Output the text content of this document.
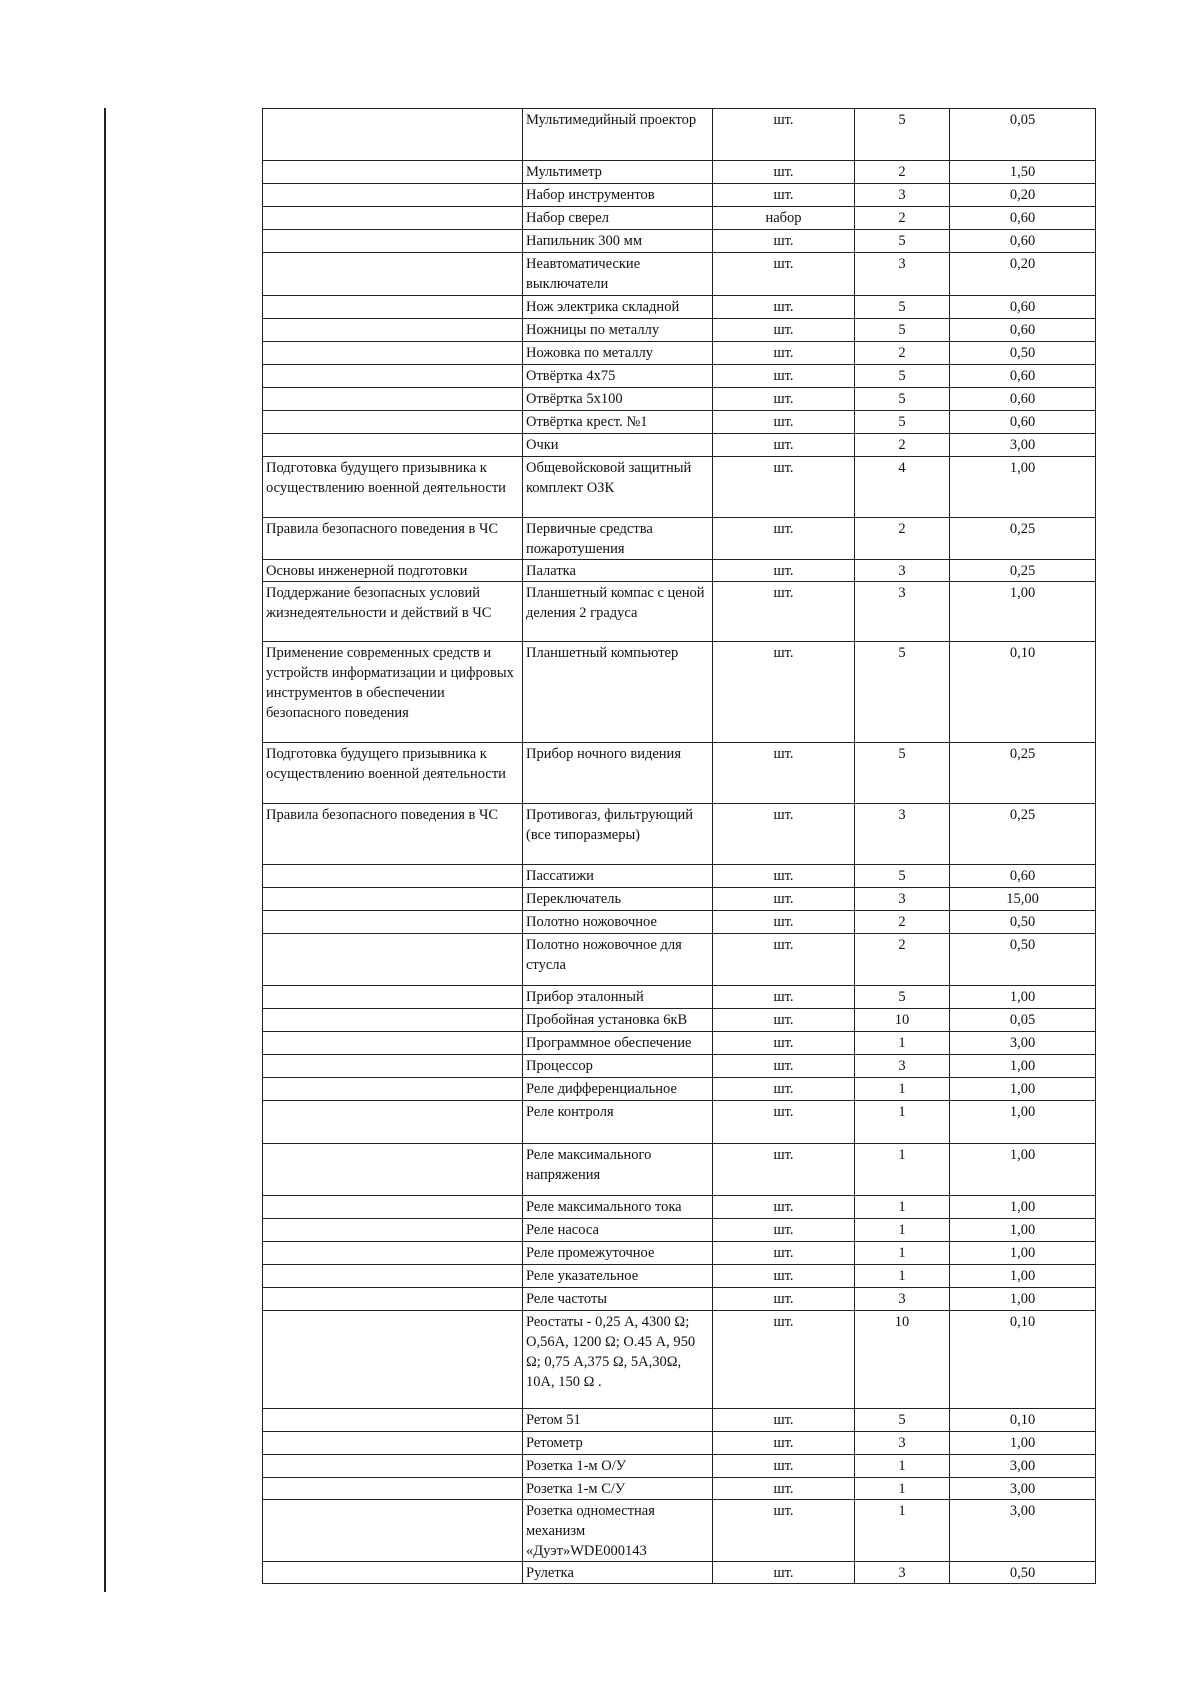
	Мультимедийный проектор	шт.	5	0,05
	Мультиметр	шт.	2	1,50
	Набор инструментов	шт.	3	0,20
	Набор сверел	набор	2	0,60
	Напильник 300 мм	шт.	5	0,60
	Неавтоматические выключатели	шт.	3	0,20
	Нож электрика складной	шт.	5	0,60
	Ножницы по металлу	шт.	5	0,60
	Ножовка по металлу	шт.	2	0,50
	Отвёртка 4х75	шт.	5	0,60
	Отвёртка 5х100	шт.	5	0,60
	Отвёртка крест. №1	шт.	5	0,60
	Очки	шт.	2	3,00
Подготовка будущего призывника к осуществлению военной деятельности	Общевойсковой защитный комплект ОЗК	шт.	4	1,00
Правила безопасного поведения в ЧС	Первичные средства пожаротушения	шт.	2	0,25
Основы инженерной подготовки	Палатка	шт.	3	0,25
Поддержание безопасных условий жизнедеятельности и действий в ЧС	Планшетный компас с ценой деления 2 градуса	шт.	3	1,00
Применение современных средств и устройств информатизации и цифровых инструментов в обеспечении безопасного поведения	Планшетный компьютер	шт.	5	0,10
Подготовка будущего призывника к осуществлению военной деятельности	Прибор ночного видения	шт.	5	0,25
Правила безопасного поведения в ЧС	Противогаз, фильтрующий (все типоразмеры)	шт.	3	0,25
	Пассатижи	шт.	5	0,60
	Переключатель	шт.	3	15,00
	Полотно ножовочное	шт.	2	0,50
	Полотно ножовочное для стусла	шт.	2	0,50
	Прибор эталонный	шт.	5	1,00
	Пробойная установка 6кВ	шт.	10	0,05
	Программное обеспечение	шт.	1	3,00
	Процессор	шт.	3	1,00
	Реле дифференциальное	шт.	1	1,00
	Реле контроля	шт.	1	1,00
	Реле максимального напряжения	шт.	1	1,00
	Реле максимального тока	шт.	1	1,00
	Реле насоса	шт.	1	1,00
	Реле промежуточное	шт.	1	1,00
	Реле указательное	шт.	1	1,00
	Реле частоты	шт.	3	1,00
	Реостаты - 0,25 А, 4300 Ω; О,56А, 1200 Ω; О.45 А, 950 Ω; 0,75 А,375 Ω, 5А,30Ω, 10А, 150 Ω .	шт.	10	0,10
	Ретом 51	шт.	5	0,10
	Ретометр	шт.	3	1,00
	Розетка 1-м О/У	шт.	1	3,00
	Розетка 1-м С/У	шт.	1	3,00
	Розетка одноместная механизм «Дуэт»WDE000143	шт.	1	3,00
	Рулетка	шт.	3	0,50
